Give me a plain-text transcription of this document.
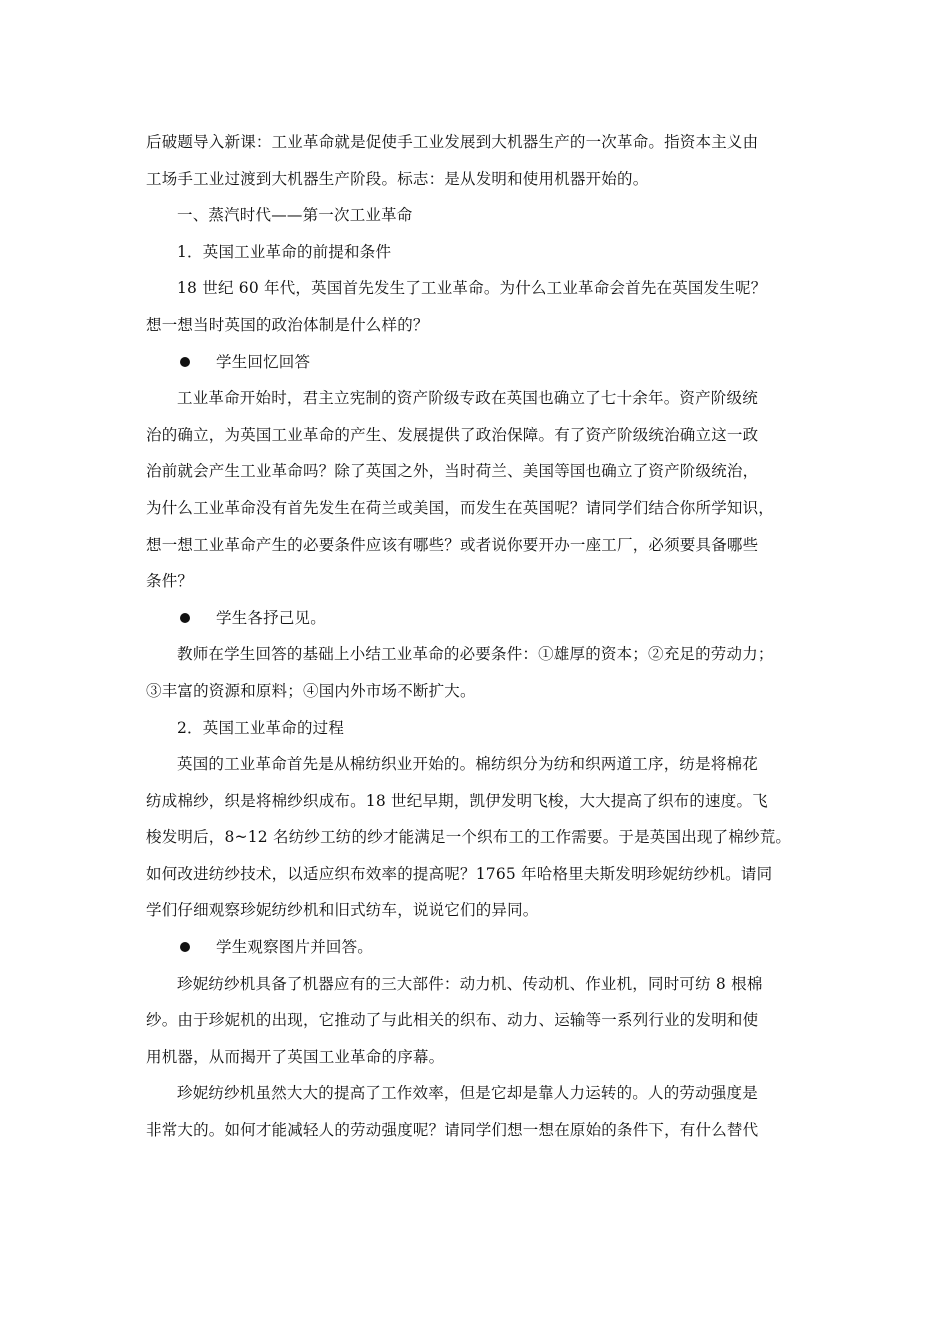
后破题导入新课：工业革命就是促使手工业发展到大机器生产的一次革命。指资本主义由
工场手工业过渡到大机器生产阶段。标志：是从发明和使用机器开始的。
一、蒸汽时代——第一次工业革命
1．英国工业革命的前提和条件
18 世纪 60 年代，英国首先发生了工业革命。为什么工业革命会首先在英国发生呢？
想一想当时英国的政治体制是什么样的？
学生回忆回答
工业革命开始时，君主立宪制的资产阶级专政在英国也确立了七十余年。资产阶级统
治的确立，为英国工业革命的产生、发展提供了政治保障。有了资产阶级统治确立这一政
治前就会产生工业革命吗？除了英国之外，当时荷兰、美国等国也确立了资产阶级统治，
为什么工业革命没有首先发生在荷兰或美国，而发生在英国呢？请同学们结合你所学知识，
想一想工业革命产生的必要条件应该有哪些？或者说你要开办一座工厂，必须要具备哪些
条件？
学生各抒己见。
教师在学生回答的基础上小结工业革命的必要条件：①雄厚的资本；②充足的劳动力；
③丰富的资源和原料；④国内外市场不断扩大。
2．英国工业革命的过程
英国的工业革命首先是从棉纺织业开始的。棉纺织分为纺和织两道工序，纺是将棉花
纺成棉纱，织是将棉纱织成布。18 世纪早期，凯伊发明飞梭，大大提高了织布的速度。飞
梭发明后，8~12 名纺纱工纺的纱才能满足一个织布工的工作需要。于是英国出现了棉纱荒。
如何改进纺纱技术，以适应织布效率的提高呢？1765 年哈格里夫斯发明珍妮纺纱机。请同
学们仔细观察珍妮纺纱机和旧式纺车，说说它们的异同。
学生观察图片并回答。
珍妮纺纱机具备了机器应有的三大部件：动力机、传动机、作业机，同时可纺 8 根棉
纱。由于珍妮机的出现，它推动了与此相关的织布、动力、运输等一系列行业的发明和使
用机器，从而揭开了英国工业革命的序幕。
珍妮纺纱机虽然大大的提高了工作效率，但是它却是靠人力运转的。人的劳动强度是
非常大的。如何才能减轻人的劳动强度呢？请同学们想一想在原始的条件下，有什么替代
